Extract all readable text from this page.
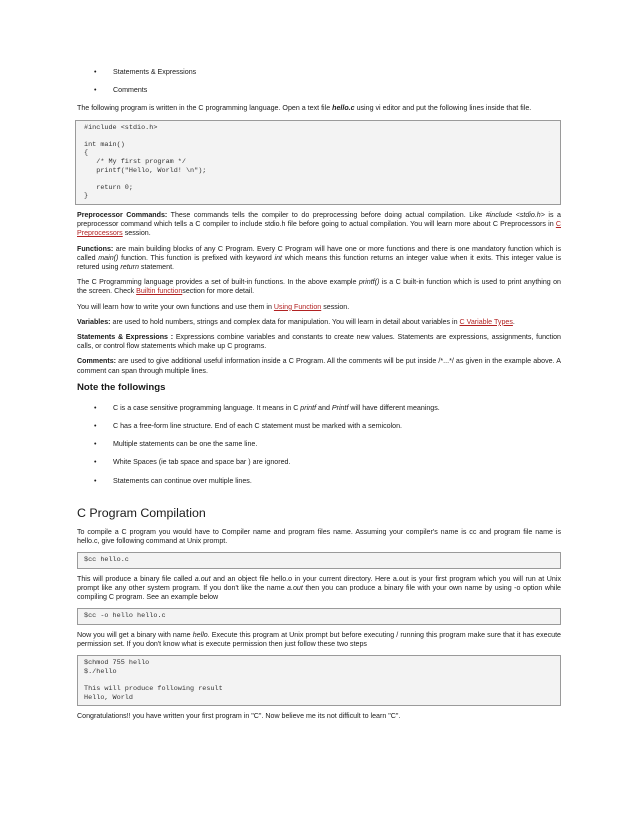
• Statements & Expressions
• Comments

The following program is written in the C programming language. Open a text file hello.c using vi editor and put the following lines inside that file.

#include <stdio.h>

int main()
{
/* My first program */
printf("Hello, World! \n");

return 0;
}

Preprocessor Commands: These commands tells the compiler to do preprocessing before doing actual compilation. Like #include <stdio.h> is a preprocessor command which tells a C compiler to include stdio.h file before going to actual compilation. You will learn more about C Preprocessors in C Preprocessors session.

Functions: are main building blocks of any C Program. Every C Program will have one or more functions and there is one mandatory function which is called main() function. This function is prefixed with keyword int which means this function returns an integer value when it exits. This integer value is retured using return statement.

The C Programming language provides a set of built-in functions. In the above example printf() is a C built-in function which is used to print anything on the screen. Check Builtin functionsection for more detail.

You will learn how to write your own functions and use them in Using Function session.

Variables: are used to hold numbers, strings and complex data for manipulation. You will learn in detail about variables in C Variable Types.

Statements & Expressions : Expressions combine variables and constants to create new values. Statements are expressions, assignments, function calls, or control flow statements which make up C programs.

Comments: are used to give additional useful information inside a C Program. All the comments will be put inside /*...*/ as given in the example above. A comment can span through multiple lines.

Note the followings
• C is a case sensitive programming language. It means in C printf and Printf will have different meanings.
• C has a free-form line structure. End of each C statement must be marked with a semicolon.
• Multiple statements can be one the same line.
• White Spaces (ie tab space and space bar ) are ignored.
• Statements can continue over multiple lines.
C Program Compilation

To compile a C program you would have to Compiler name and program files name. Assuming your compiler's name is cc and program file name is hello.c, give following command at Unix prompt.

$cc hello.c

This will produce a binary file called a.out and an object file hello.o in your current directory. Here a.out is your first program which you will run at Unix prompt like any other system program. If you don't like the name a.out then you can produce a binary file with your own name by using -o option while compiling C program. See an example below

$cc -o hello hello.c

Now you will get a binary with name hello. Execute this program at Unix prompt but before executing / running this program make sure that it has execute permission set. If you don't know what is execute permission then just follow these two steps

$chmod 755 hello
$./hello

This will produce following result
Hello, World

Congratulations!! you have written your first program in "C". Now believe me its not difficult to learn "C".
